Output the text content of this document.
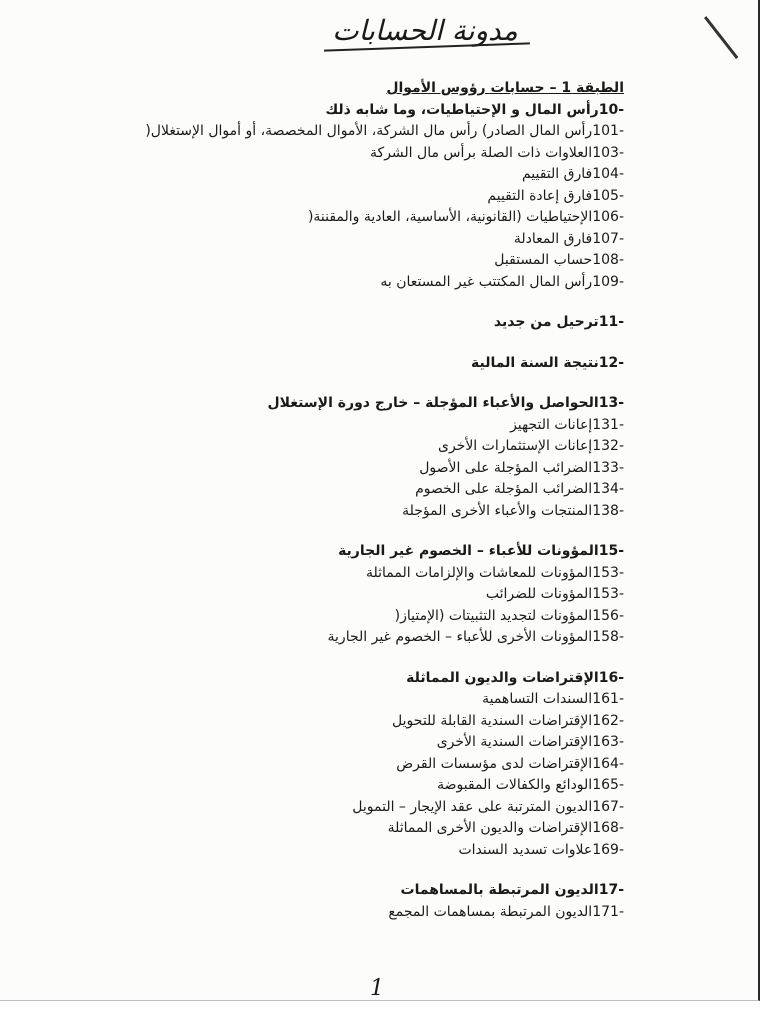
مدونة الحسابات
الطبقة 1 – حسابات رؤوس الأموال
-10رأس المال و الإحتياطيات، وما شابه ذلك
-101رأس المال الصادر) رأس مال الشركة، الأموال المخصصة، أو أموال الإستغلال(
-103العلاوات ذات الصلة برأس مال الشركة
-104فارق التقييم
-105فارق إعادة التقييم
-106الإحتياطيات (القانونية، الأساسية، العادية والمقننة(
-107فارق المعادلة
-108حساب المستقبل
-109رأس المال المكتتب غير المستعان به
-11ترحيل من جديد
-12نتيجة السنة المالية
-13الحواصل والأعباء المؤجلة – خارج دورة الإستغلال
-131إعانات التجهيز
-132إعانات الإستثمارات الأخرى
-133الضرائب المؤجلة على الأصول
-134الضرائب المؤجلة على الخصوم
-138المنتجات والأعباء الأخرى المؤجلة
-15المؤونات للأعباء – الخصوم غير الجارية
-153المؤونات للمعاشات والإلزامات المماثلة
-153المؤونات للضرائب
-156المؤونات لتجديد التثبيتات (الإمتياز(
-158المؤونات الأخرى للأعباء – الخصوم غير الجارية
-16الإقتراضات والديون المماثلة
-161السندات التساهمية
-162الإقتراضات السندية القابلة للتحويل
-163الإقتراضات السندية الأخرى
-164الإقتراضات لدى مؤسسات القرض
-165الودائع والكفالات المقبوضة
-167الديون المترتبة على عقد الإيجار – التمويل
-168الإقتراضات والديون الأخرى المماثلة
-169علاوات تسديد السندات
-17الديون المرتبطة بالمساهمات
-171الديون المرتبطة بمساهمات المجمع
1
